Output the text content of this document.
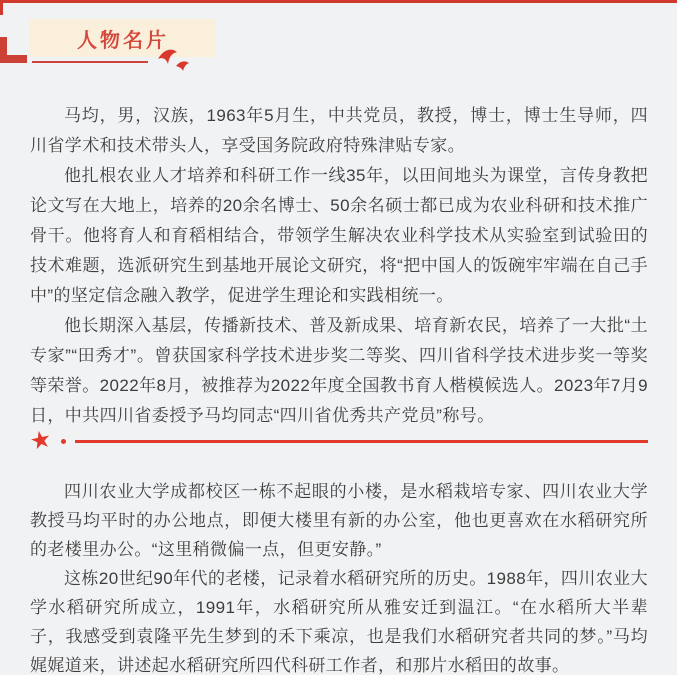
人物名片

马均，男，汉族，1963年5月生，中共党员，教授，博士，博士生导师，四川省学术和技术带头人，享受国务院政府特殊津贴专家。

他扎根农业人才培养和科研工作一线35年，以田间地头为课堂，言传身教把论文写在大地上，培养的20余名博士、50余名硕士都已成为农业科研和技术推广骨干。他将育人和育稻相结合，带领学生解决农业科学技术从实验室到试验田的技术难题，选派研究生到基地开展论文研究，将“把中国人的饭碗牢牢端在自己手中”的坚定信念融入教学，促进学生理论和实践相统一。

他长期深入基层，传播新技术、普及新成果、培育新农民，培养了一大批“土专家”“田秀才”。曾获国家科学技术进步奖二等奖、四川省科学技术进步奖一等奖等荣誉。2022年8月，被推荐为2022年度全国教书育人楷模候选人。2023年7月9日，中共四川省委授予马均同志“四川省优秀共产党员”称号。

★

四川农业大学成都校区一栋不起眼的小楼，是水稻栽培专家、四川农业大学教授马均平时的办公地点，即便大楼里有新的办公室，他也更喜欢在水稻研究所的老楼里办公。“这里稍微偏一点，但更安静。”

这栋20世纪90年代的老楼，记录着水稻研究所的历史。1988年，四川农业大学水稻研究所成立，1991年，水稻研究所从雅安迁到温江。“在水稻所大半辈子，我感受到袁隆平先生梦到的禾下乘凉，也是我们水稻研究者共同的梦。”马均娓娓道来，讲述起水稻研究所四代科研工作者，和那片水稻田的故事。
